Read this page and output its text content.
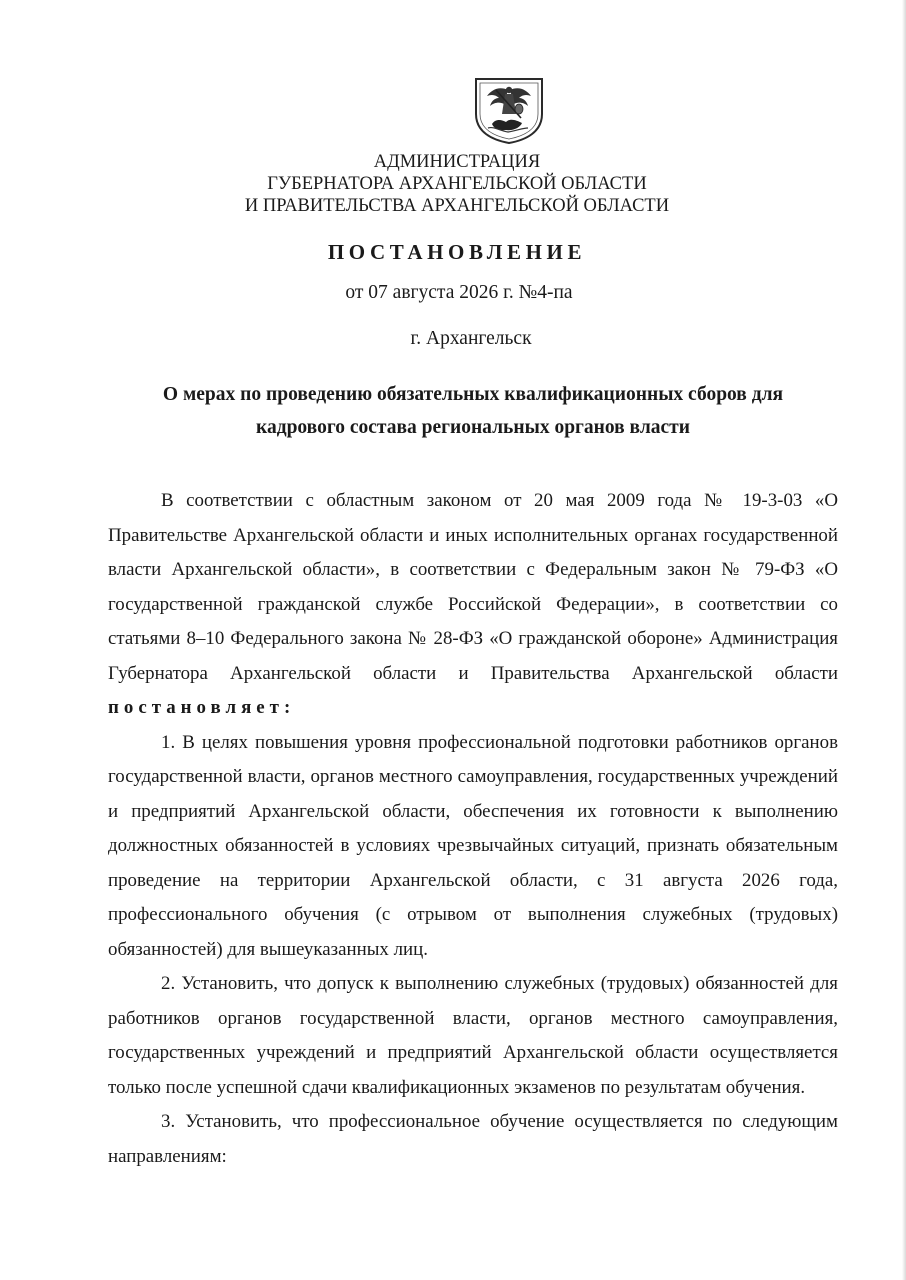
АДМИНИСТРАЦИЯ
ГУБЕРНАТОРА АРХАНГЕЛЬСКОЙ ОБЛАСТИ
И ПРАВИТЕЛЬСТВА АРХАНГЕЛЬСКОЙ ОБЛАСТИ
ПОСТАНОВЛЕНИЕ
от 07 августа 2026 г. №4-па
г. Архангельск
О мерах по проведению обязательных квалификационных сборов для
кадрового состава региональных органов власти

В соответствии с областным законом от 20 мая 2009 года № 19-3-03 «О Правительстве Архангельской области и иных исполнительных органах государственной власти Архангельской области», в соответствии с Федеральным закон № 79-ФЗ «О государственной гражданской службе Российской Федерации», в соответствии со статьями 8–10 Федерального закона № 28-ФЗ «О гражданской обороне» Администрация Губернатора Архангельской области и Правительства Архангельской области постановляет:

1. В целях повышения уровня профессиональной подготовки работников органов государственной власти, органов местного самоуправления, государственных учреждений и предприятий Архангельской области, обеспечения их готовности к выполнению должностных обязанностей в условиях чрезвычайных ситуаций, признать обязательным проведение на территории Архангельской области, с 31 августа 2026 года, профессионального обучения (с отрывом от выполнения служебных (трудовых) обязанностей) для вышеуказанных лиц.

2. Установить, что допуск к выполнению служебных (трудовых) обязанностей для работников органов государственной власти, органов местного самоуправления, государственных учреждений и предприятий Архангельской области осуществляется только после успешной сдачи квалификационных экзаменов по результатам обучения.

3. Установить, что профессиональное обучение осуществляется по следующим направлениям:
